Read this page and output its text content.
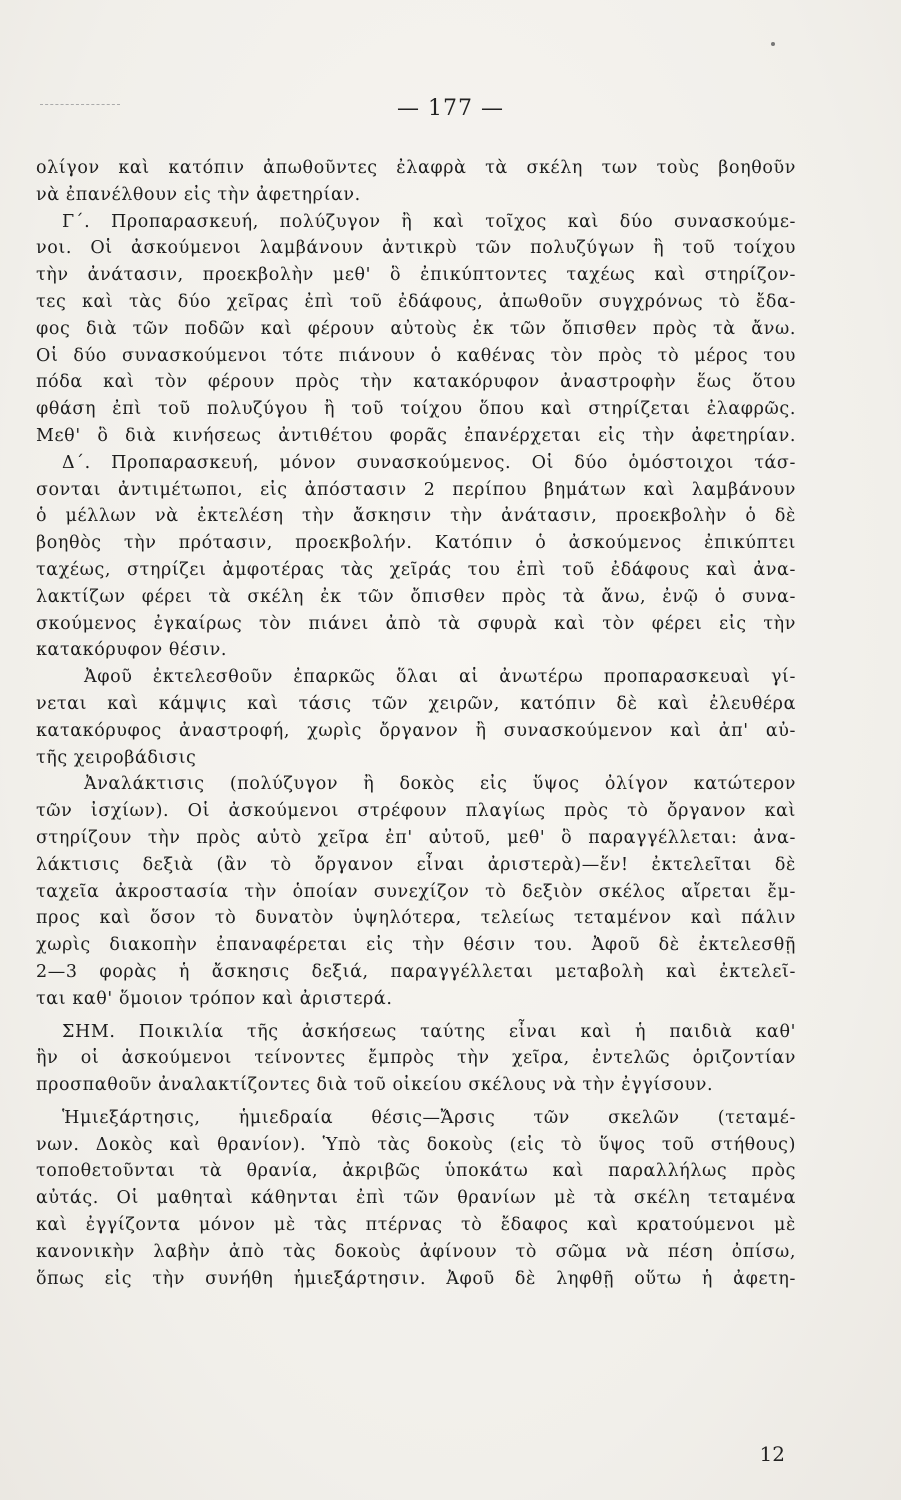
— 177 —
ολίγον καὶ κατόπιν ἀπωθοῦντες ἐλαφρὰ τὰ σκέλη των τοὺς βοηθοῦν
νὰ ἐπανέλθουν εἰς τὴν ἀφετηρίαν.
Γ΄. Προπαρασκευή, πολύζυγον ἢ καὶ τοῖχος καὶ δύο συνασκούμε-
νοι. Οἱ ἀσκούμενοι λαμβάνουν ἀντικρὺ τῶν πολυζύγων ἢ τοῦ τοίχου
τὴν ἀνάτασιν, προεκβολὴν μεθ' ὃ ἐπικύπτοντες ταχέως καὶ στηρίζον-
τες καὶ τὰς δύο χεῖρας ἐπὶ τοῦ ἐδάφους, ἀπωθοῦν συγχρόνως τὸ ἔδα-
φος διὰ τῶν ποδῶν καὶ φέρουν αὐτοὺς ἐκ τῶν ὄπισθεν πρὸς τὰ ἄνω.
Οἱ δύο συνασκούμενοι τότε πιάνουν ὁ καθένας τὸν πρὸς τὸ μέρος του
πόδα καὶ τὸν φέρουν πρὸς τὴν κατακόρυφον ἀναστροφὴν ἕως ὅτου
φθάση ἐπὶ τοῦ πολυζύγου ἢ τοῦ τοίχου ὅπου καὶ στηρίζεται ἐλαφρῶς.
Μεθ' ὃ διὰ κινήσεως ἀντιθέτου φορᾶς ἐπανέρχεται εἰς τὴν ἀφετηρίαν.
Δ΄. Προπαρασκευή, μόνον συνασκούμενος. Οἱ δύο ὁμόστοιχοι τάσ-
σονται ἀντιμέτωποι, εἰς ἀπόστασιν 2 περίπου βημάτων καὶ λαμβάνουν
ὁ μέλλων νὰ ἐκτελέση τὴν ἄσκησιν τὴν ἀνάτασιν, προεκβολὴν ὁ δὲ
βοηθὸς τὴν πρότασιν, προεκβολήν. Κατόπιν ὁ ἀσκούμενος ἐπικύπτει
ταχέως, στηρίζει ἀμφοτέρας τὰς χεῖράς του ἐπὶ τοῦ ἐδάφους καὶ ἀνα-
λακτίζων φέρει τὰ σκέλη ἐκ τῶν ὄπισθεν πρὸς τὰ ἄνω, ἐνῷ ὁ συνα-
σκούμενος ἐγκαίρως τὸν πιάνει ἀπὸ τὰ σφυρὰ καὶ τὸν φέρει εἰς τὴν
κατακόρυφον θέσιν.
Ἀφοῦ ἐκτελεσθοῦν ἐπαρκῶς ὅλαι αἱ ἀνωτέρω προπαρασκευαὶ γί-
νεται καὶ κάμψις καὶ τάσις τῶν χειρῶν, κατόπιν δὲ καὶ ἐλευθέρα
κατακόρυφος ἀναστροφή, χωρὶς ὄργανον ἢ συνασκούμενον καὶ ἀπ' αὐ-
τῆς χειροβάδισις
Ἀναλάκτισις (πολύζυγον ἢ δοκὸς εἰς ὕψος ὀλίγον κατώτερον
τῶν ἰσχίων). Οἱ ἀσκούμενοι στρέφουν πλαγίως πρὸς τὸ ὄργανον καὶ
στηρίζουν τὴν πρὸς αὐτὸ χεῖρα ἐπ' αὐτοῦ, μεθ' ὃ παραγγέλλεται: ἀνα-
λάκτισις δεξιὰ (ἂν τὸ ὄργανον εἶναι ἀριστερὰ)—ἕν! ἐκτελεῖται δὲ
ταχεῖα ἀκροστασία τὴν ὁποίαν συνεχίζον τὸ δεξιὸν σκέλος αἴρεται ἔμ-
προς καὶ ὅσον τὸ δυνατὸν ὑψηλότερα, τελείως τεταμένον καὶ πάλιν
χωρὶς διακοπὴν ἐπαναφέρεται εἰς τὴν θέσιν του. Ἀφοῦ δὲ ἐκτελεσθῇ
2—3 φορὰς ἡ ἄσκησις δεξιά, παραγγέλλεται μεταβολὴ καὶ ἐκτελεῖ-
ται καθ' ὅμοιον τρόπον καὶ ἀριστερά.
ΣΗΜ. Ποικιλία τῆς ἀσκήσεως ταύτης εἶναι καὶ ἡ παιδιὰ καθ'
ἣν οἱ ἀσκούμενοι τείνοντες ἔμπρὸς τὴν χεῖρα, ἐντελῶς ὁριζοντίαν
προσπαθοῦν ἀναλακτίζοντες διὰ τοῦ οἰκείου σκέλους νὰ τὴν ἐγγίσουν.
Ἡμιεξάρτησις, ἡμιεδραία θέσις—Ἄρσις τῶν σκελῶν (τεταμέ-
νων. Δοκὸς καὶ θρανίον). Ὑπὸ τὰς δοκοὺς (εἰς τὸ ὕψος τοῦ στήθους)
τοποθετοῦνται τὰ θρανία, ἀκριβῶς ὑποκάτω καὶ παραλλήλως πρὸς
αὐτάς. Οἱ μαθηταὶ κάθηνται ἐπὶ τῶν θρανίων μὲ τὰ σκέλη τεταμένα
καὶ ἐγγίζοντα μόνον μὲ τὰς πτέρνας τὸ ἔδαφος καὶ κρατούμενοι μὲ
κανονικὴν λαβὴν ἀπὸ τὰς δοκοὺς ἀφίνουν τὸ σῶμα νὰ πέση ὀπίσω,
ὅπως εἰς τὴν συνήθη ἡμιεξάρτησιν. Ἀφοῦ δὲ ληφθῇ οὕτω ἡ ἀφετη-
12
